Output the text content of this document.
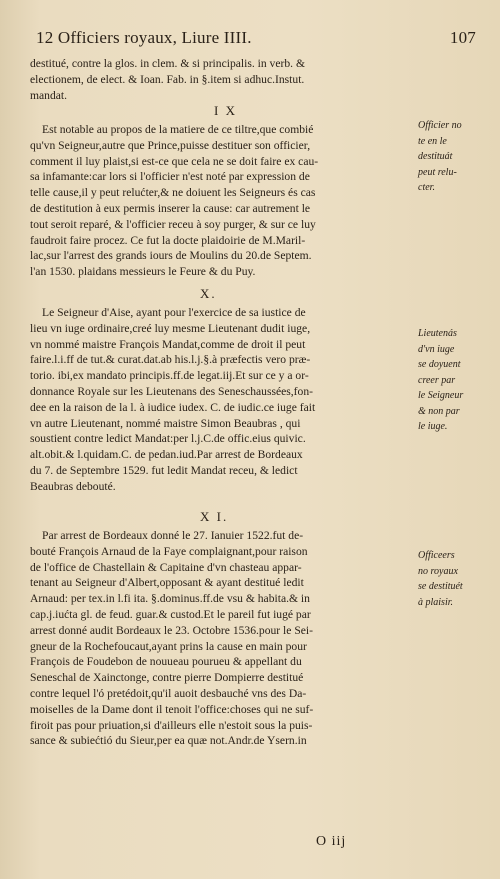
12 Officiers royaux, Liure IIII.	107
destitué, contre la glos. in clem. & si principalis. in verb. &
electionem, de elect. & Ioan. Fab. in §.item si adhuc.Instut.
mandat.
I X
Est notable au propos de la matiere de ce tiltre,que combié
qu'vn Seigneur,autre que Prince,puisse destituer son officier,
comment il luy plaist,si est-ce que cela ne se doit faire ex cau-
sa infamante:car lors si l'officier n'est noté par expression de
telle cause,il y peut relućter,& ne doiuent les Seigneurs és cas
de destitution à eux permis inserer la cause: car autrement le
tout seroit reparé, & l'officier receu à soy purger, & sur ce luy
faudroit faire procez. Ce fut la docte plaidoirie de M.Maril-
lac,sur l'arrest des grands iours de Moulins du 20.de Septem.
l'an 1530. plaidans messieurs le Feure & du Puy.
X.
Le Seigneur d'Aise, ayant pour l'exercice de sa iustice de
lieu vn iuge ordinaire,creé luy mesme Lieutenant dudit iuge,
vn nommé maistre François Mandat,comme de droit il peut
faire.l.i.ff de tut.& curat.dat.ab his.l.j.§.à præfectis vero præ-
torio. ibi,ex mandato principis.ff.de legat.iij.Et sur ce y a or-
donnance Royale sur les Lieutenans des Seneschaussées,fon-
dee en la raison de la l. à iudice iudex. C. de iudic.ce iuge fait
vn autre Lieutenant, nommé maistre Simon Beaubras , qui
soustient contre ledict Mandat:per l.j.C.de offic.eius quivic.
alt.obit.& l.quidam.C. de pedan.iud.Par arrest de Bordeaux
du 7. de Septembre 1529. fut ledit Mandat receu, & ledict
Beaubras debouté.
X I.
Par arrest de Bordeaux donné le 27. Ianuier 1522.fut de-
bouté François Arnaud de la Faye complaignant,pour raison
de l'office de Chastellain & Capitaine d'vn chasteau appar-
tenant au Seigneur d'Albert,opposant & ayant destitué ledit
Arnaud: per tex.in l.fi ita. §.dominus.ff.de vsu & habita.& in
cap.j.iućta gl. de feud. guar.& custod.Et le pareil fut iugé par
arrest donné audit Bordeaux le 23. Octobre 1536.pour le Sei-
gneur de la Rochefoucaut,ayant prins la cause en main pour
François de Foudebon de nouueau pourueu & appellant du
Seneschal de Xainctonge, contre pierre Dompierre destitué
contre lequel l'ó pretédoit,qu'il auoit desbauché vns des Da-
moiselles de la Dame dont il tenoit l'office:choses qui ne suf-
firoit pas pour priuation,si d'ailleurs elle n'estoit sous la puis-
sance & subiećtió du Sieur,per ea quæ not.Andr.de Ysern.in
Officier no
te en le
destituát
peut relu-
cter.
Lieutenás
d'vn iuge
se doyuent
creer par
le Seigneur
& non par
le iuge.
Officeers
no royaux
se destituét
à plaisir.
O iij
